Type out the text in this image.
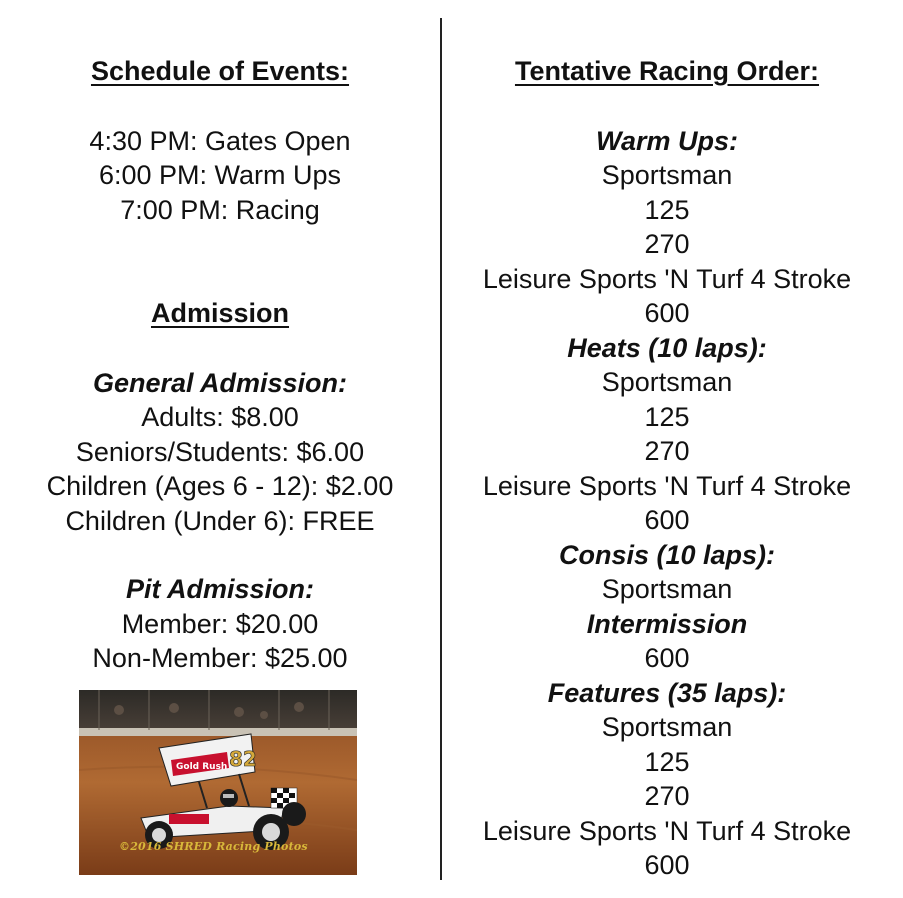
Schedule of Events:
4:30 PM: Gates Open
6:00 PM: Warm Ups
7:00 PM: Racing
Admission
General Admission:
Adults: $8.00
Seniors/Students: $6.00
Children (Ages 6 - 12): $2.00
Children (Under 6): FREE
Pit Admission:
Member: $20.00
Non-Member: $25.00
Gold Rush 82
©2016 SHRED Racing Photos
Tentative Racing Order:
Warm Ups:
Sportsman
125
270
Leisure Sports 'N Turf 4 Stroke
600
Heats (10 laps):
Sportsman
125
270
Leisure Sports 'N Turf 4 Stroke
600
Consis (10 laps):
Sportsman
Intermission
600
Features (35 laps):
Sportsman
125
270
Leisure Sports 'N Turf 4 Stroke
600
